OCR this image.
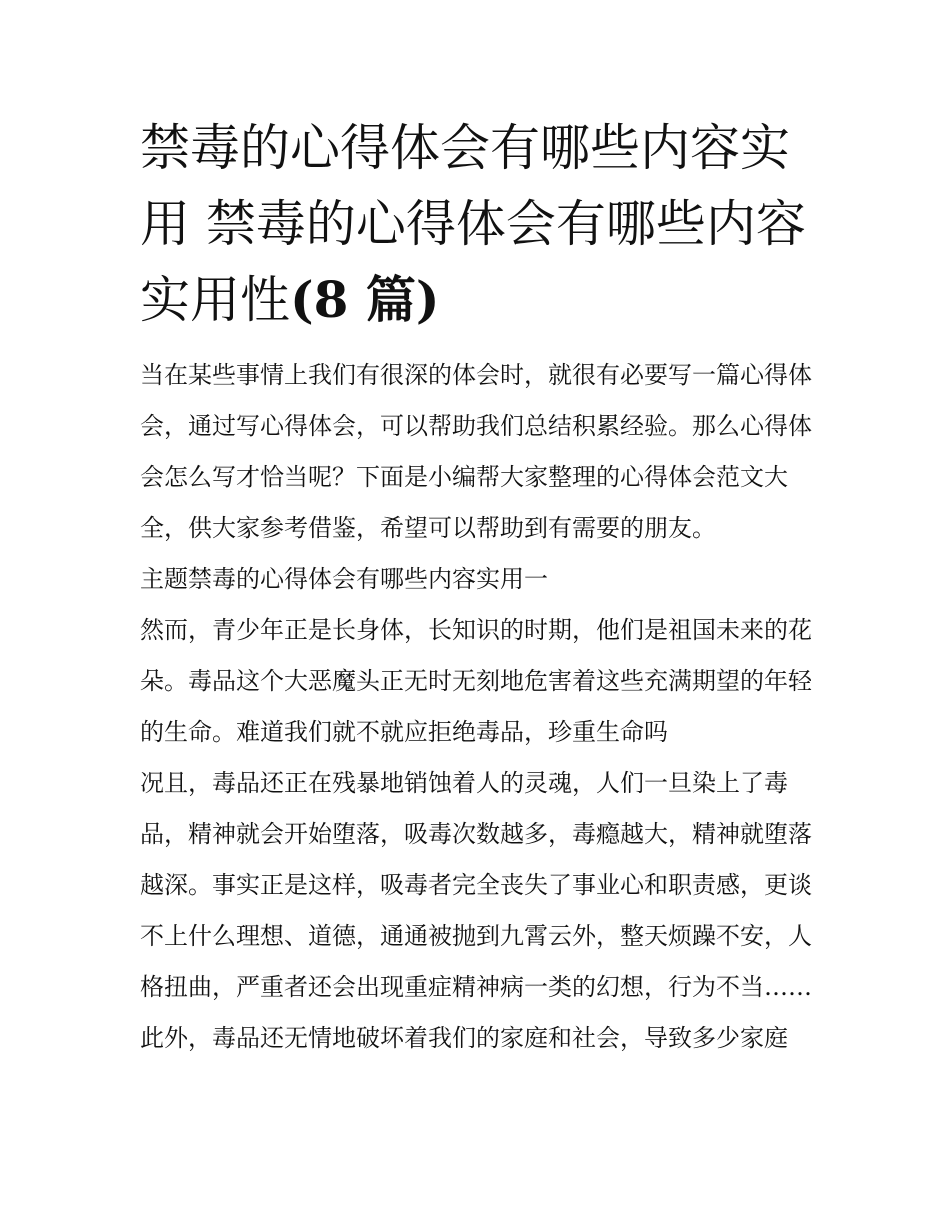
禁毒的心得体会有哪些内容实
用 禁毒的心得体会有哪些内容
实用性(8 篇)

当在某些事情上我们有很深的体会时，就很有必要写一篇心得体会，通过写心得体会，可以帮助我们总结积累经验。那么心得体会怎么写才恰当呢？下面是小编帮大家整理的心得体会范文大全，供大家参考借鉴，希望可以帮助到有需要的朋友。

主题禁毒的心得体会有哪些内容实用一

然而，青少年正是长身体，长知识的时期，他们是祖国未来的花朵。毒品这个大恶魔头正无时无刻地危害着这些充满期望的年轻的生命。难道我们就不就应拒绝毒品，珍重生命吗

况且，毒品还正在残暴地销蚀着人的灵魂，人们一旦染上了毒品，精神就会开始堕落，吸毒次数越多，毒瘾越大，精神就堕落越深。事实正是这样，吸毒者完全丧失了事业心和职责感，更谈不上什么理想、道德，通通被抛到九霄云外，整天烦躁不安，人格扭曲，严重者还会出现重症精神病一类的幻想，行为不当……

此外，毒品还无情地破坏着我们的家庭和社会，导致多少家庭
